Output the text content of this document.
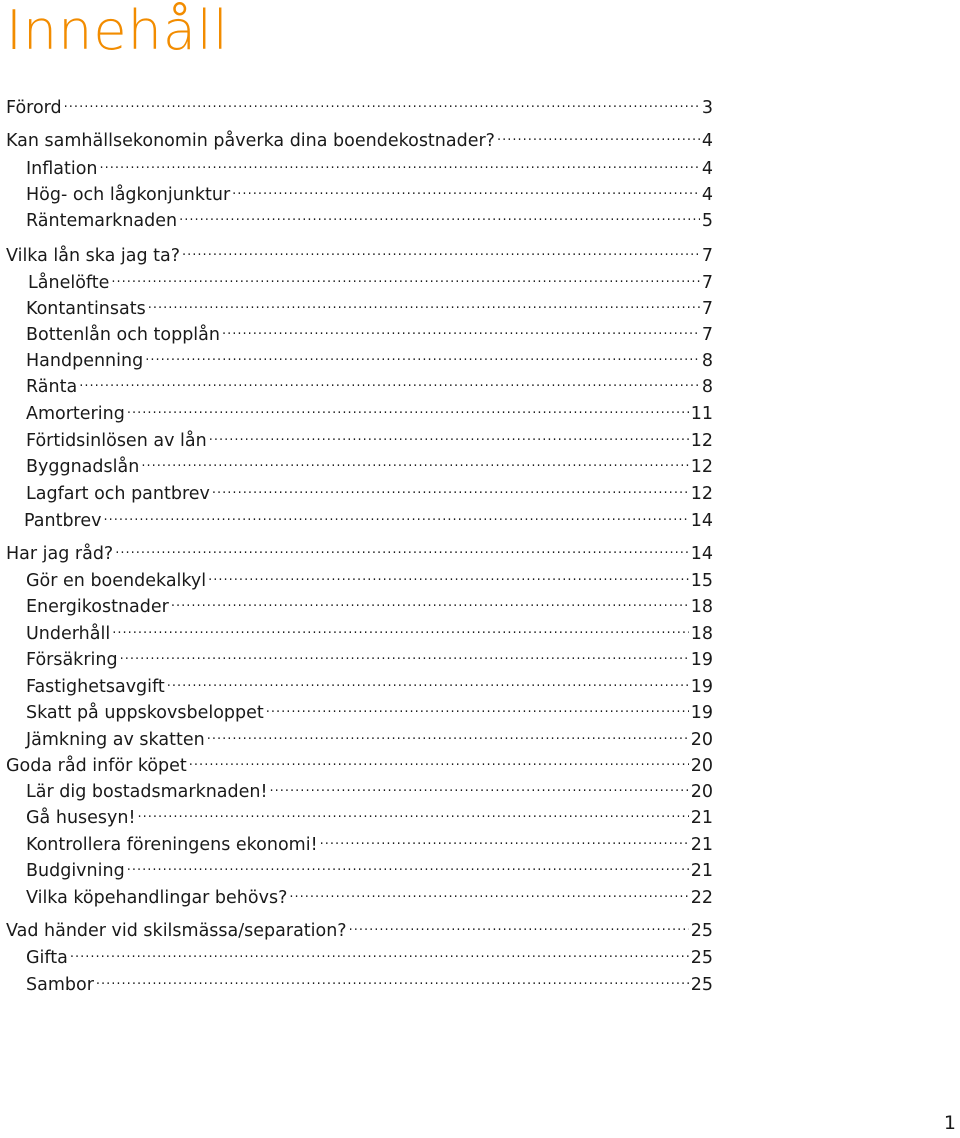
Innehåll
Förord .....	3
Kan samhällsekonomin påverka dina boendekostnader? .....	4
Inflation .....	4
Hög- och lågkonjunktur .....	4
Räntemarknaden .....	5
Vilka lån ska jag ta? .....	7
Lånelöfte .....	7
Kontantinsats .....	7
Bottenlån och topplån .....	7
Handpenning .....	8
Ränta .....	8
Amortering .....	11
Förtidsinlösen av lån .....	12
Byggnadslån .....	12
Lagfart och pantbrev .....	12
Pantbrev .....	14
Har jag råd? .....	14
Gör en boendekalkyl .....	15
Energikostnader .....	18
Underhåll .....	18
Försäkring .....	19
Fastighetsavgift .....	19
Skatt på uppskovsbeloppet .....	19
Jämkning av skatten .....	20
Goda råd inför köpet .....	20
Lär dig bostadsmarknaden! .....	20
Gå husesyn! .....	21
Kontrollera föreningens ekonomi! .....	21
Budgivning .....	21
Vilka köpehandlingar behövs? .....	22
Vad händer vid skilsmässa/separation? .....	25
Gifta .....	25
Sambor .....	25
1
